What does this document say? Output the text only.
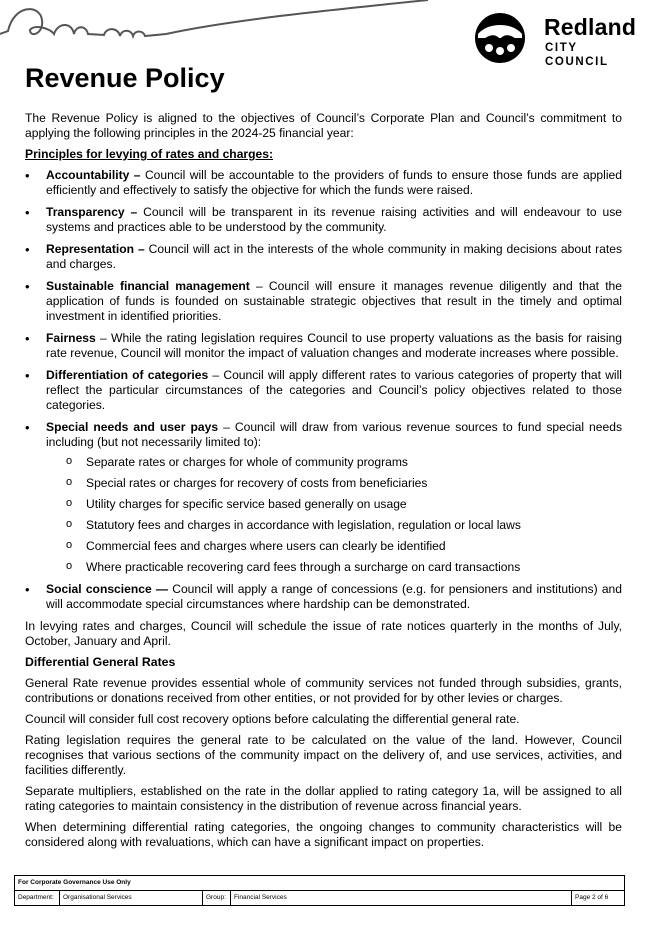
Redland
CITY COUNCIL
Revenue Policy

The Revenue Policy is aligned to the objectives of Council’s Corporate Plan and Council’s commitment to applying the following principles in the 2024-25 financial year:

Principles for levying of rates and charges:
• Accountability – Council will be accountable to the providers of funds to ensure those funds are applied efficiently and effectively to satisfy the objective for which the funds were raised.
• Transparency – Council will be transparent in its revenue raising activities and will endeavour to use systems and practices able to be understood by the community.
• Representation – Council will act in the interests of the whole community in making decisions about rates and charges.
• Sustainable financial management – Council will ensure it manages revenue diligently and that the application of funds is founded on sustainable strategic objectives that result in the timely and optimal investment in identified priorities.
• Fairness – While the rating legislation requires Council to use property valuations as the basis for raising rate revenue, Council will monitor the impact of valuation changes and moderate increases where possible.
• Differentiation of categories – Council will apply different rates to various categories of property that will reflect the particular circumstances of the categories and Council’s policy objectives related to those categories.
• Special needs and user pays – Council will draw from various revenue sources to fund special needs including (but not necessarily limited to):
o Separate rates or charges for whole of community programs
o Special rates or charges for recovery of costs from beneficiaries
o Utility charges for specific service based generally on usage
o Statutory fees and charges in accordance with legislation, regulation or local laws
o Commercial fees and charges where users can clearly be identified
o Where practicable recovering card fees through a surcharge on card transactions
• Social conscience — Council will apply a range of concessions (e.g. for pensioners and institutions) and will accommodate special circumstances where hardship can be demonstrated.

In levying rates and charges, Council will schedule the issue of rate notices quarterly in the months of July, October, January and April.

Differential General Rates

General Rate revenue provides essential whole of community services not funded through subsidies, grants, contributions or donations received from other entities, or not provided for by other levies or charges.

Council will consider full cost recovery options before calculating the differential general rate.

Rating legislation requires the general rate to be calculated on the value of the land. However, Council recognises that various sections of the community impact on the delivery of, and use services, activities, and facilities differently.

Separate multipliers, established on the rate in the dollar applied to rating category 1a, will be assigned to all rating categories to maintain consistency in the distribution of revenue across financial years.

When determining differential rating categories, the ongoing changes to community characteristics will be considered along with revaluations, which can have a significant impact on properties.

For Corporate Governance Use Only
Department:	Organisational Services	Group:	Financial Services	Page 2 of 6
